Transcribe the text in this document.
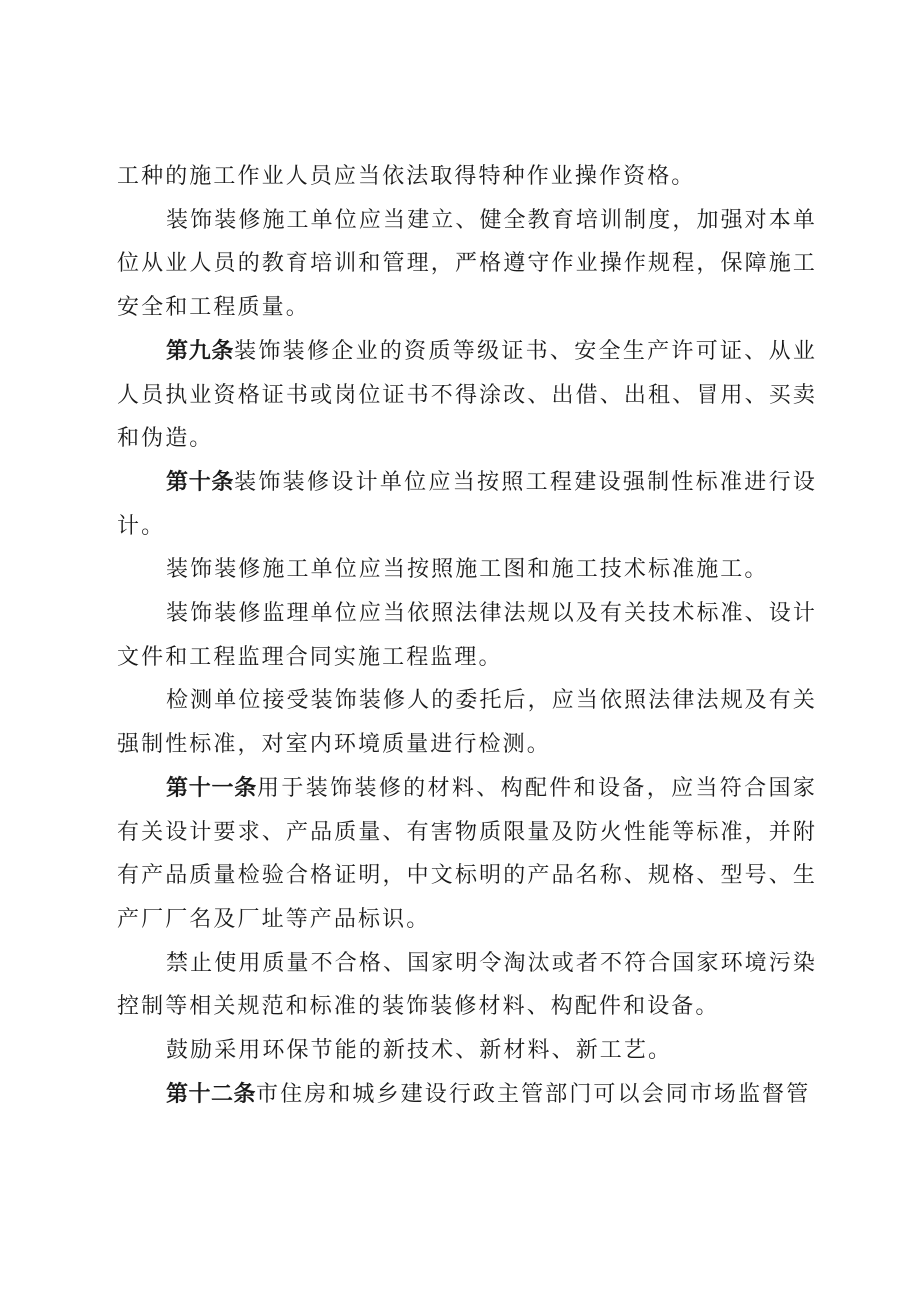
工种的施工作业人员应当依法取得特种作业操作资格。

装饰装修施工单位应当建立、健全教育培训制度，加强对本单位从业人员的教育培训和管理，严格遵守作业操作规程，保障施工安全和工程质量。

第九条装饰装修企业的资质等级证书、安全生产许可证、从业人员执业资格证书或岗位证书不得涂改、出借、出租、冒用、买卖和伪造。

第十条装饰装修设计单位应当按照工程建设强制性标准进行设计。

装饰装修施工单位应当按照施工图和施工技术标准施工。

装饰装修监理单位应当依照法律法规以及有关技术标准、设计文件和工程监理合同实施工程监理。

检测单位接受装饰装修人的委托后，应当依照法律法规及有关强制性标准，对室内环境质量进行检测。

第十一条用于装饰装修的材料、构配件和设备，应当符合国家有关设计要求、产品质量、有害物质限量及防火性能等标准，并附有产品质量检验合格证明，中文标明的产品名称、规格、型号、生产厂厂名及厂址等产品标识。

禁止使用质量不合格、国家明令淘汰或者不符合国家环境污染控制等相关规范和标准的装饰装修材料、构配件和设备。

鼓励采用环保节能的新技术、新材料、新工艺。

第十二条市住房和城乡建设行政主管部门可以会同市场监督管
